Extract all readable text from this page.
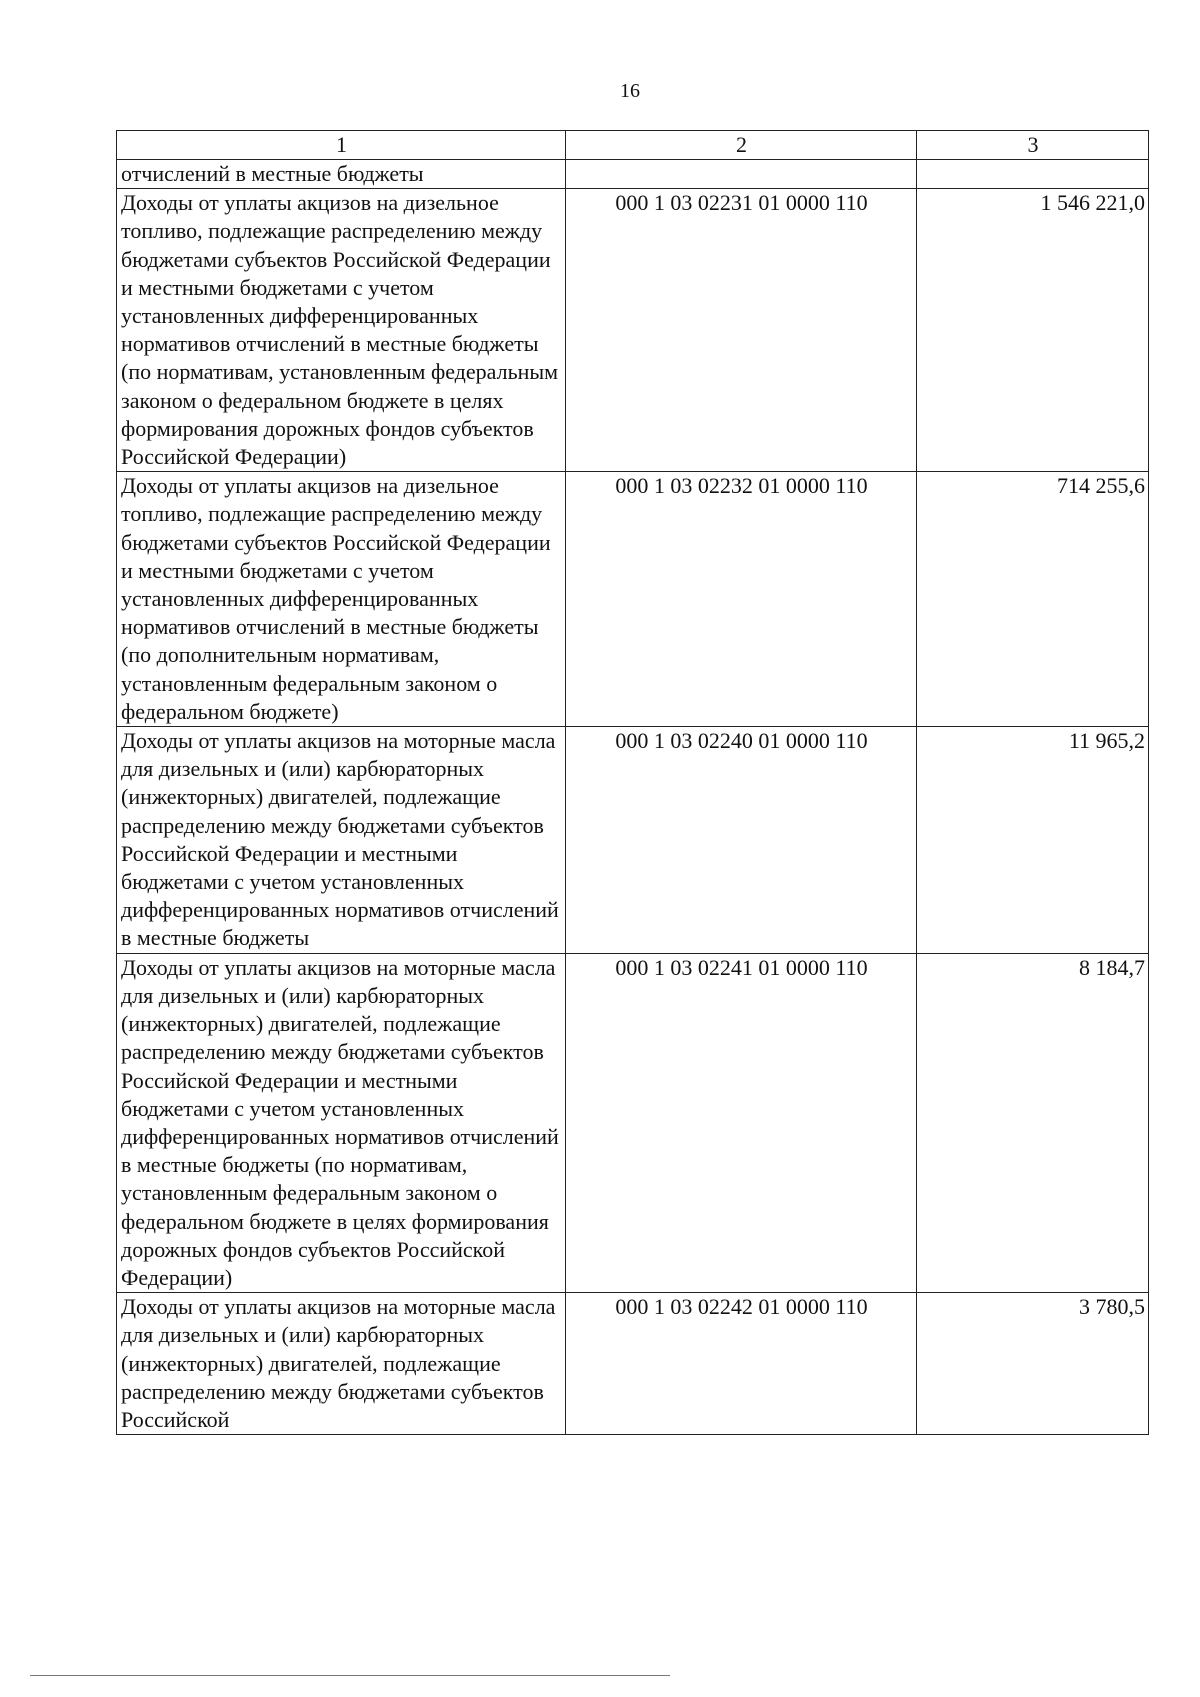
16
1	2	3
отчислений в местные бюджеты		
Доходы от уплаты акцизов на дизельное топливо, подлежащие распределению между бюджетами субъектов Российской Федерации и местными бюджетами с учетом установленных дифференцированных нормативов отчислений в местные бюджеты (по нормативам, установленным федеральным законом о федеральном бюджете в целях формирования дорожных фондов субъектов Российской Федерации)	000 1 03 02231 01 0000 110	1 546 221,0
Доходы от уплаты акцизов на дизельное топливо, подлежащие распределению между бюджетами субъектов Российской Федерации и местными бюджетами с учетом установленных дифференцированных нормативов отчислений в местные бюджеты (по дополнительным нормативам, установленным федеральным законом о федеральном бюджете)	000 1 03 02232 01 0000 110	714 255,6
Доходы от уплаты акцизов на моторные масла для дизельных и (или) карбюраторных (инжекторных) двигателей, подлежащие распределению между бюджетами субъектов Российской Федерации и местными бюджетами с учетом установленных дифференцированных нормативов отчислений в местные бюджеты	000 1 03 02240 01 0000 110	11 965,2
Доходы от уплаты акцизов на моторные масла для дизельных и (или) карбюраторных (инжекторных) двигателей, подлежащие распределению между бюджетами субъектов Российской Федерации и местными бюджетами с учетом установленных дифференцированных нормативов отчислений в местные бюджеты (по нормативам, установленным федеральным законом о федеральном бюджете в целях формирования дорожных фондов субъектов Российской Федерации)	000 1 03 02241 01 0000 110	8 184,7
Доходы от уплаты акцизов на моторные масла для дизельных и (или) карбюраторных (инжекторных) двигателей, подлежащие распределению между бюджетами субъектов Российской	000 1 03 02242 01 0000 110	3 780,5
